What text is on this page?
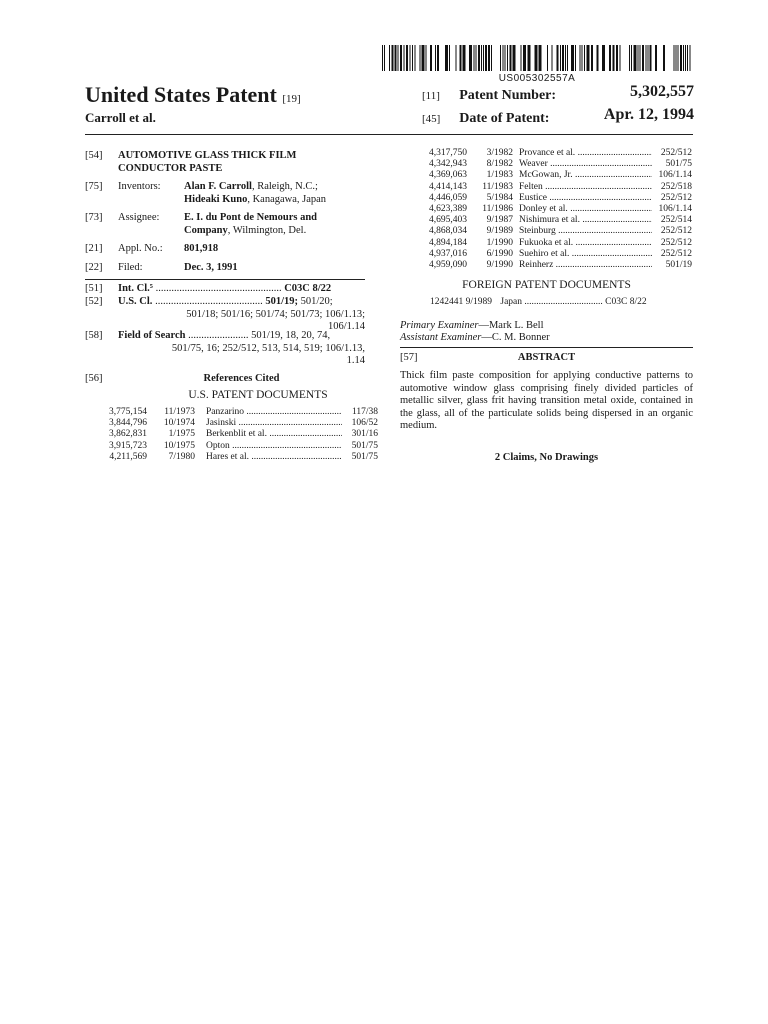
US005302557A
United States Patent [19]
Carroll et al.
[11] Patent Number:	5,302,557
[45] Date of Patent:	Apr. 12, 1994
[54] AUTOMOTIVE GLASS THICK FILM
CONDUCTOR PASTE
[75] Inventors: Alan F. Carroll, Raleigh, N.C.;
Hideaki Kuno, Kanagawa, Japan
[73] Assignee: E. I. du Pont de Nemours and
Company, Wilmington, Del.
[21] Appl. No.: 801,918
[22] Filed:	Dec. 3, 1991
[51] Int. Cl.⁵ ................................................ C03C 8/22
[52] U.S. Cl. ......................................... 501/19; 501/20;
501/18; 501/16; 501/74; 501/73; 106/1.13;
106/1.14
[58] Field of Search ....................... 501/19, 18, 20, 74,
501/75, 16; 252/512, 513, 514, 519; 106/1.13,
1.14
[56]	References Cited
U.S. PATENT DOCUMENTS
3,775,154	11/1973 Panzarino .....	117/38
3,844,796	10/1974 Jasinski .....	106/52
3,862,831	1/1975 Berkenblit et al. .....	301/16
3,915,723	10/1975 Opton .....	501/75
4,211,569	7/1980 Hares et al. .....	501/75
4,317,750	3/1982 Provance et al. .....	252/512
4,342,943	8/1982 Weaver .....	501/75
4,369,063	1/1983 McGowan, Jr. .....	106/1.14
4,414,143	11/1983 Felten .....	252/518
4,446,059	5/1984 Eustice .....	252/512
4,623,389	11/1986 Donley et al. .....	106/1.14
4,695,403	9/1987 Nishimura et al. .....	252/514
4,868,034	9/1989 Steinburg .....	252/512
4,894,184	1/1990 Fukuoka et al. .....	252/512
4,937,016	6/1990 Suehiro et al. .....	252/512
4,959,090	9/1990 Reinherz .....	501/19
FOREIGN PATENT DOCUMENTS
1242441 9/1989 Japan ................................. C03C 8/22
Primary Examiner—Mark L. Bell
Assistant Examiner—C. M. Bonner
[57]	ABSTRACT
Thick film paste composition for applying conductive patterns to automotive window glass comprising finely divided particles of metallic silver, glass frit having transition metal oxide, contained in the glass, all of the particulate solids being dispersed in an organic medium.
2 Claims, No Drawings
